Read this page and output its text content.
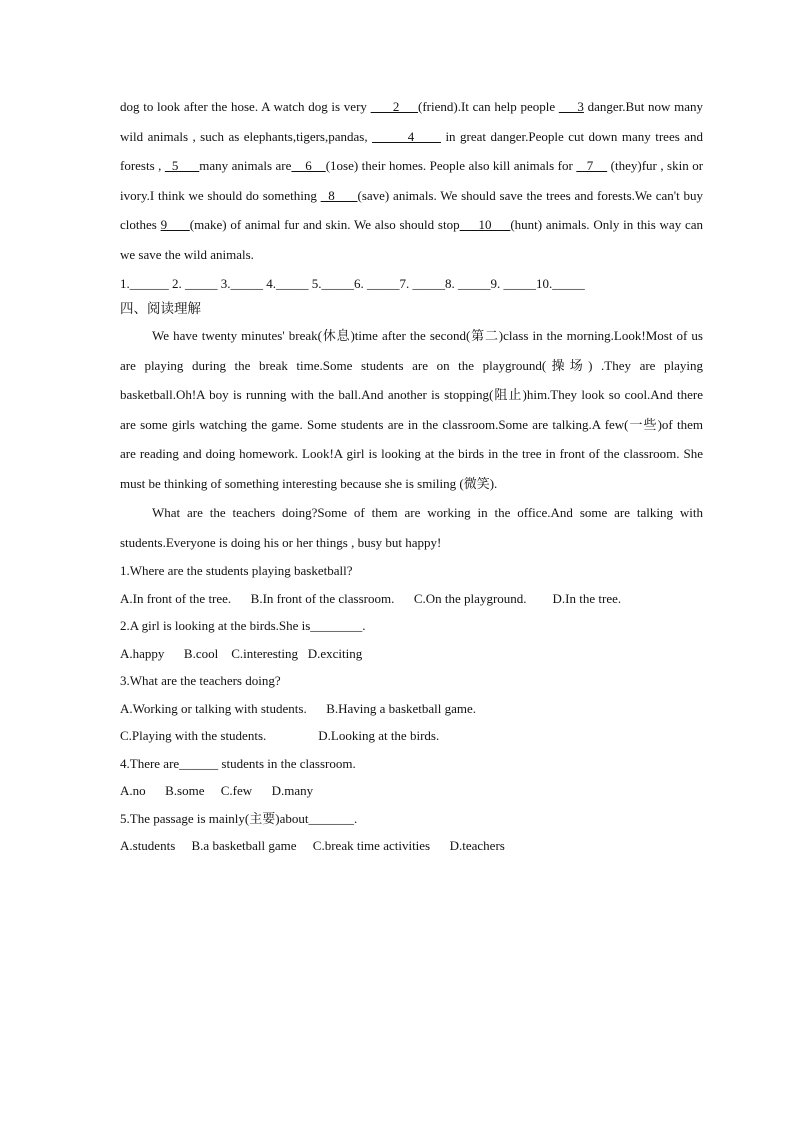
dog to look after the hose. A watch dog is very       2     (friend).It can help people      3 danger.But now many wild animals , such as elephants,tigers,pandas,         4       in great danger.People cut down many trees and forests ,   5      many animals are    6    (1ose) their homes. People also kill animals for    7     (they)fur , skin or ivory.I think we should do something   8      (save) animals. We should save the trees and forests.We can't buy clothes 9      (make) of animal fur and skin. We also should stop     10     (hunt) animals. Only in this way can we save the wild animals.
1.______ 2. _____ 3._____ 4._____ 5._____6. _____7. _____8. _____9. _____10._____
四、阅读理解

We have twenty minutes' break(休息)time after the second(第二)class in the morning.Look!Most of us are playing during the break time.Some students are on the playground(操场) .They are playing basketball.Oh!A boy is running with the ball.And another is stopping(阻止)him.They look so cool.And there are some girls watching the game. Some students are in the classroom.Some are talking.A few(一些)of them are reading and doing homework. Look!A girl is looking at the birds in the tree in front of the classroom. She must be thinking of something interesting because she is smiling (微笑).

What are the teachers doing?Some of them are working in the office.And some are talking with students.Everyone is doing his or her things , busy but happy!

1.Where are the students playing basketball?

A.In front of the tree.      B.In front of the classroom.      C.On the playground.        D.In the tree.

2.A girl is looking at the birds.She is________.

A.happy      B.cool    C.interesting   D.exciting

3.What are the teachers doing?

A.Working or talking with students.      B.Having a basketball game.

C.Playing with the students.                D.Looking at the birds.

4.There are______ students in the classroom.

A.no      B.some     C.few      D.many

5.The passage is mainly(主要)about_______.

A.students     B.a basketball game     C.break time activities      D.teachers
